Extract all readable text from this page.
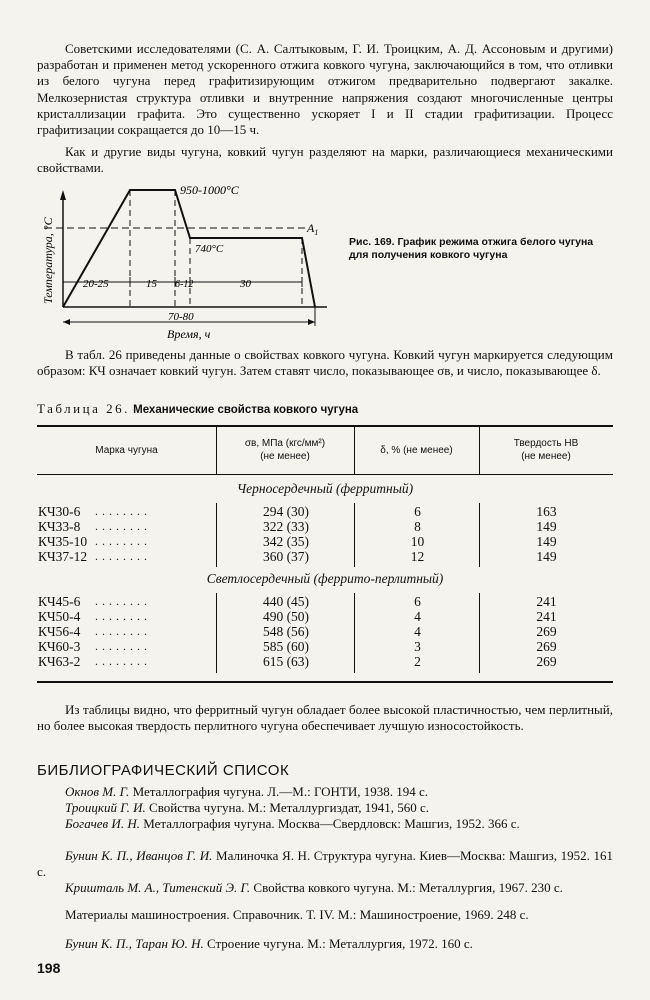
Советскими исследователями (С. А. Салтыковым, Г. И. Троицким, А. Д. Ассоновым и другими) разработан и применен метод ускоренного отжига ковкого чугуна, заключающийся в том, что отливки из белого чугуна перед графитизирующим отжигом предварительно подвергают закалке. Мелкозернистая структура отливки и внутренние напряжения создают многочисленные центры кристаллизации графита. Это существенно ускоряет I и II стадии графитизации. Процесс графитизации сокращается до 10—15 ч.

Как и другие виды чугуна, ковкий чугун разделяют на марки, различающиеся механическими свойствами.

Температура, °С	20-25	15 6-12	30
70-80
Время, ч
950-1000°С
740°С
$A_1$
Рис. 169. График режима отжига белого чугуна для получения ковкого чугуна

В табл. 26 приведены данные о свойствах ковкого чугуна. Ковкий чугун маркируется следующим образом: КЧ означает ковкий чугун. Затем ставят число, показывающее σв, и число, показывающее δ.

Таблица 26. Механические свойства ковкого чугуна
Марка чугуна
σв, МПа (кгс/мм²)
(не менее)
δ, % (не менее)
Твердость НВ
(не менее)
Черносердечный (ферритный)
КЧ30-6 ........	294 (30)	6	163
КЧ33-8 ........	322 (33)	8	149
КЧ35-10 ........	342 (35)	10	149
КЧ37-12 ........	360 (37)	12	149
Светлосердечный (феррито-перлитный)
КЧ45-6 ........	440 (45)	6	241
КЧ50-4 ........	490 (50)	4	241
КЧ56-4 ........	548 (56)	4	269
КЧ60-3 ........	585 (60)	3	269
КЧ63-2 ........	615 (63)	2	269

Из таблицы видно, что ферритный чугун обладает более высокой пластичностью, чем перлитный, но более высокая твердость перлитного чугуна обеспечивает лучшую износостойкость.

БИБЛИОГРАФИЧЕСКИЙ СПИСОК

Окнов М. Г. Металлография чугуна. Л.—М.: ГОНТИ, 1938. 194 с.

Троицкий Г. И. Свойства чугуна. М.: Металлургиздат, 1941, 560 с.

Богачев И. Н. Металлография чугуна. Москва—Свердловск: Машгиз, 1952. 366 с.

Бунин К. П., Иванцов Г. И. Малиночка Я. Н. Структура чугуна. Киев—Москва: Машгиз, 1952. 161 с.

Кришталь М. А., Титенский Э. Г. Свойства ковкого чугуна. М.: Металлургия, 1967. 230 с.

Материалы машиностроения. Справочник. Т. IV. М.: Машиностроение, 1969. 248 с.

Бунин К. П., Таран Ю. Н. Строение чугуна. М.: Металлургия, 1972. 160 с.

198
